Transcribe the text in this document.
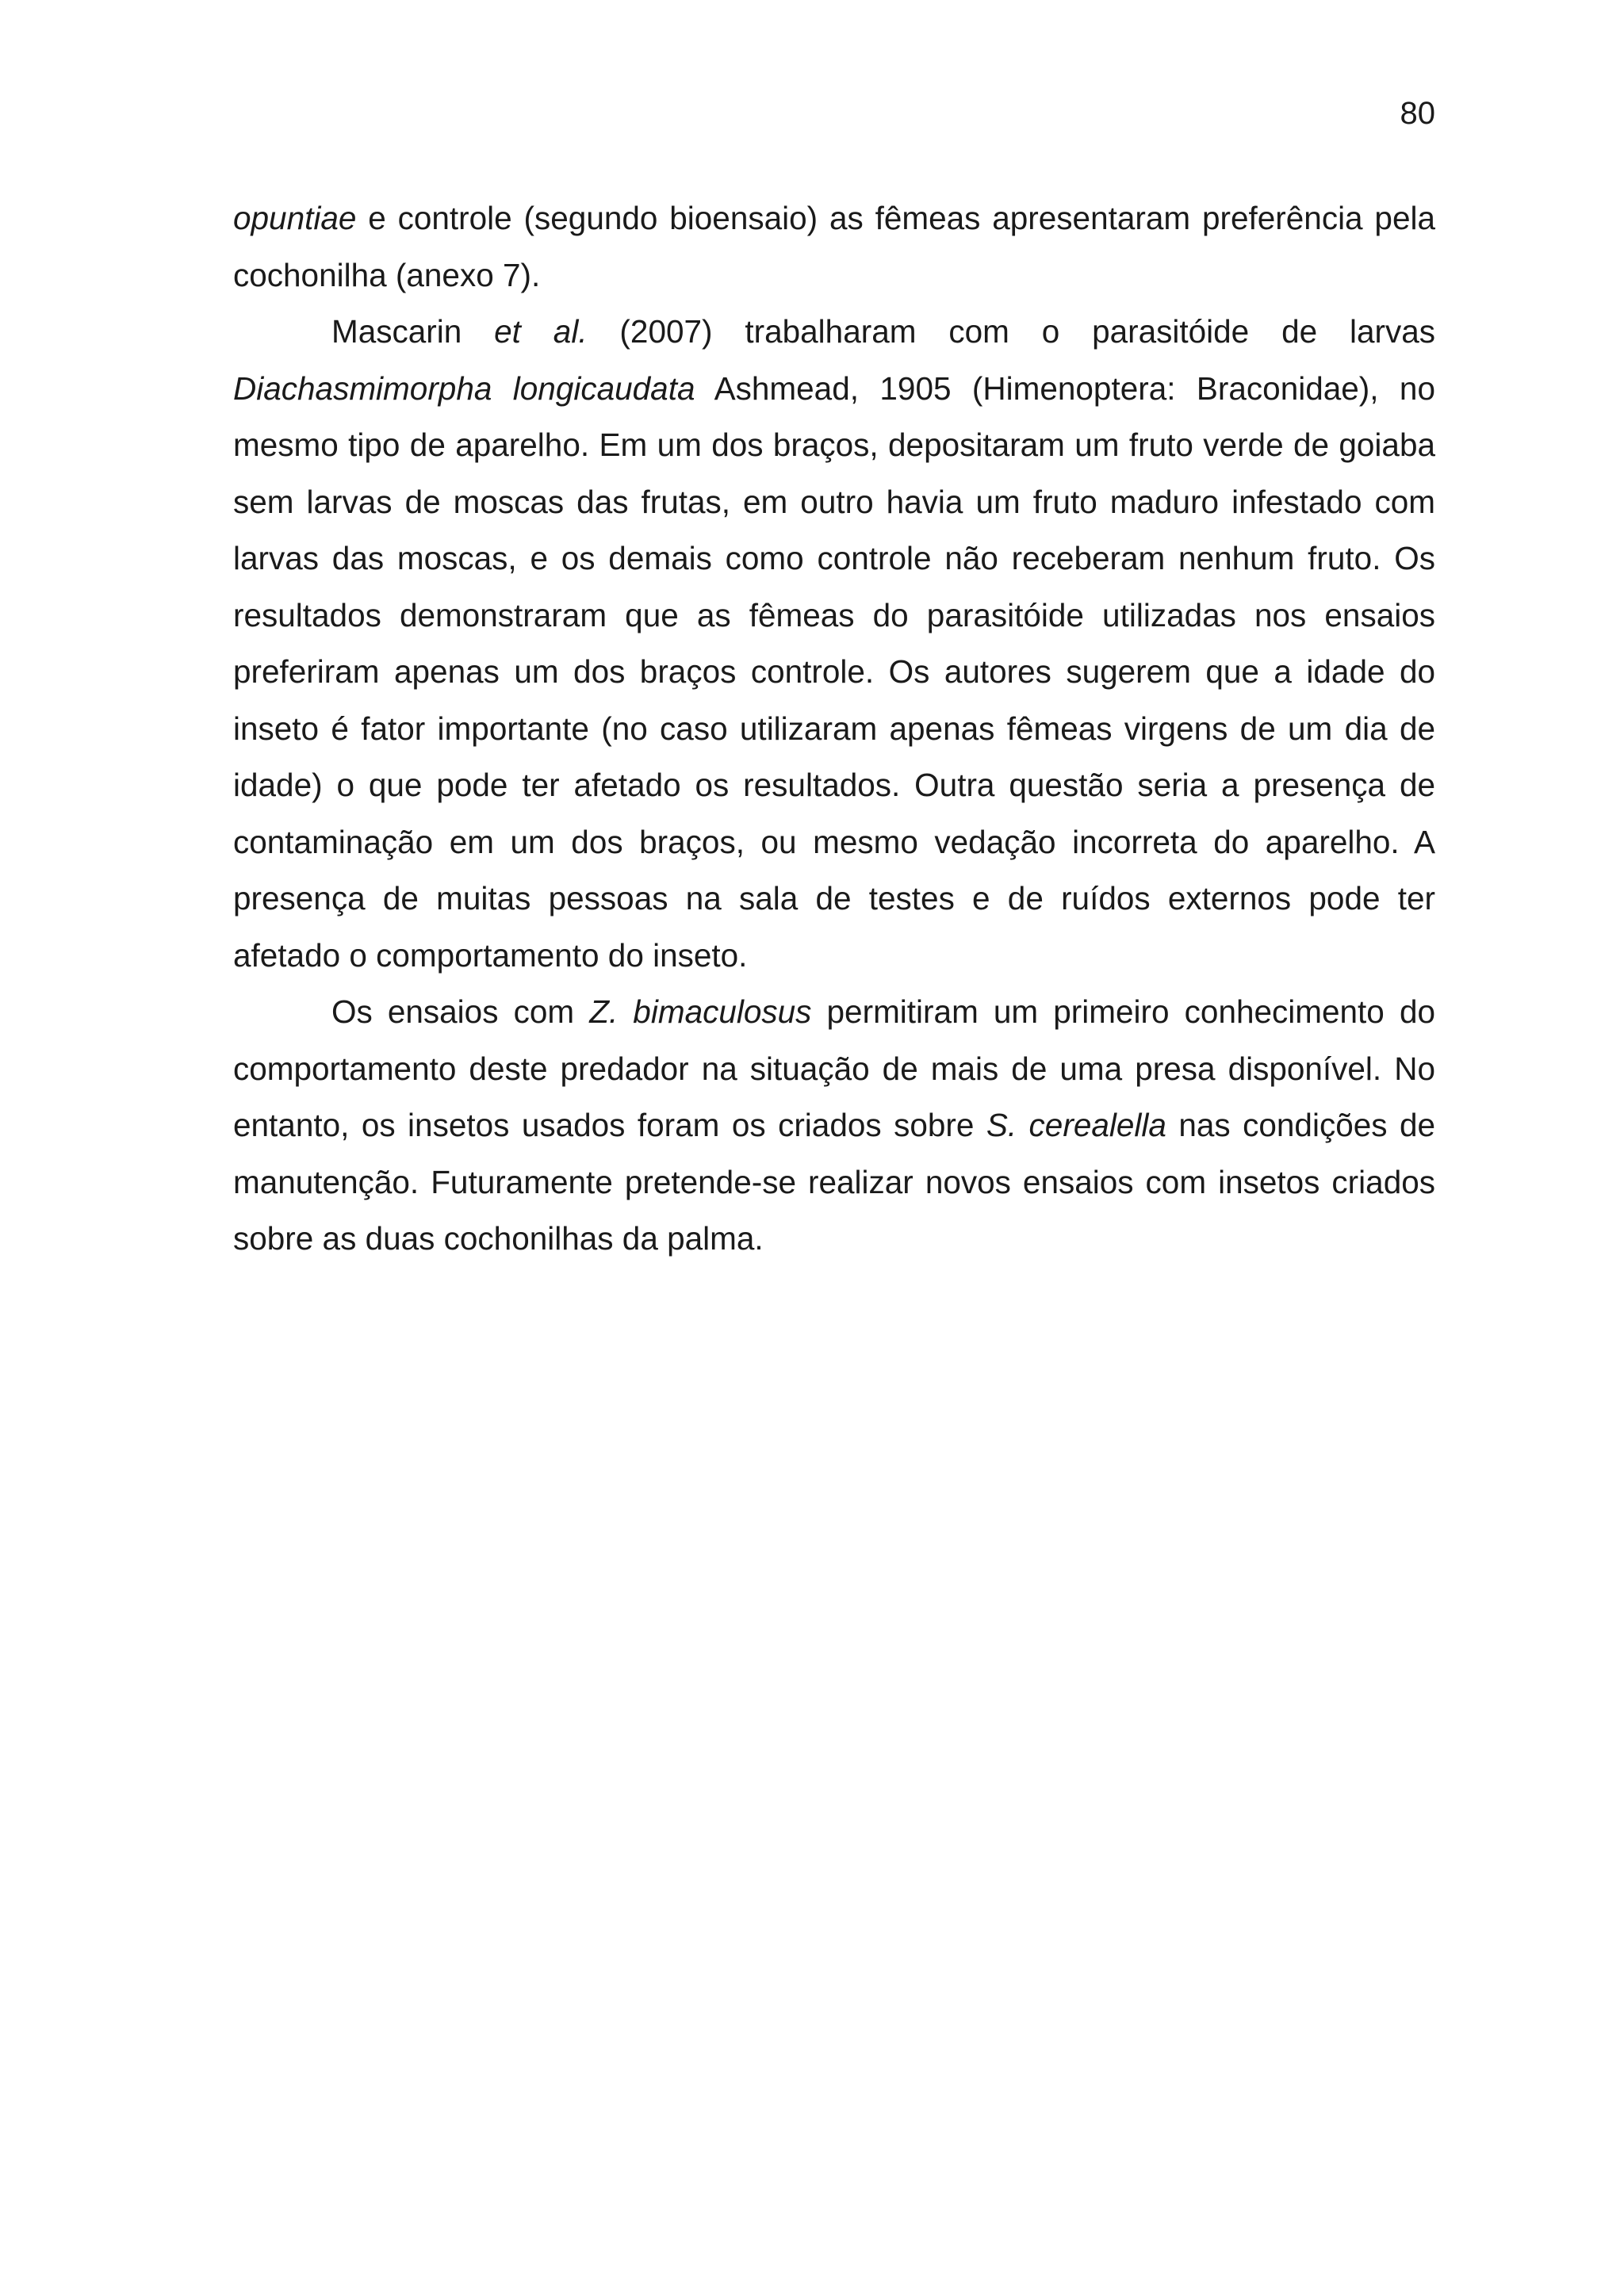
80

opuntiae e controle (segundo bioensaio) as fêmeas apresentaram preferência pela cochonilha (anexo 7).

Mascarin et al. (2007) trabalharam com o parasitóide de larvas Diachasmimorpha longicaudata Ashmead, 1905 (Himenoptera: Braconidae), no mesmo tipo de aparelho. Em um dos braços, depositaram um fruto verde de goiaba sem larvas de moscas das frutas, em outro havia um fruto maduro infestado com larvas das moscas, e os demais como controle não receberam nenhum fruto. Os resultados demonstraram que as fêmeas do parasitóide utilizadas nos ensaios preferiram apenas um dos braços controle. Os autores sugerem que a idade do inseto é fator importante (no caso utilizaram apenas fêmeas virgens de um dia de idade) o que pode ter afetado os resultados. Outra questão seria a presença de contaminação em um dos braços, ou mesmo vedação incorreta do aparelho. A presença de muitas pessoas na sala de testes e de ruídos externos pode ter afetado o comportamento do inseto.

Os ensaios com Z. bimaculosus permitiram um primeiro conhecimento do comportamento deste predador na situação de mais de uma presa disponível. No entanto, os insetos usados foram os criados sobre S. cerealella nas condições de manutenção. Futuramente pretende-se realizar novos ensaios com insetos criados sobre as duas cochonilhas da palma.
